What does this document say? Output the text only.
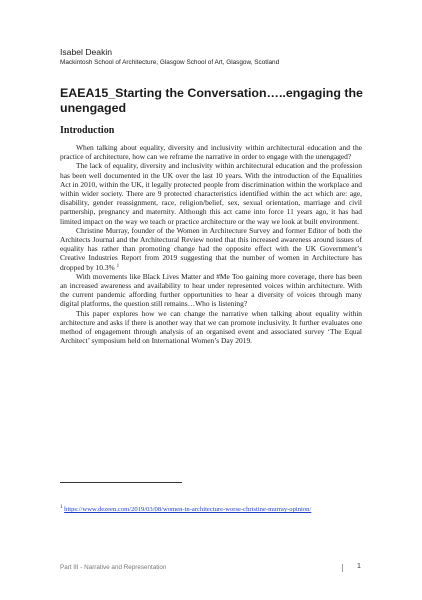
Isabel Deakin
Mackintosh School of Architecture, Glasgow School of Art, Glasgow, Scotland
EAEA15_Starting the Conversation…..engaging the unengaged
Introduction

When talking about equality, diversity and inclusivity within architectural education and the practice of architecture, how can we reframe the narrative in order to engage with the unengaged?

The lack of equality, diversity and inclusivity within architectural education and the profession has been well documented in the UK over the last 10 years. With the introduction of the Equalities Act in 2010, within the UK, it legally protected people from discrimination within the workplace and within wider society. There are 9 protected characteristics identified within the act which are: age, disability, gender reassignment, race, religion/belief, sex, sexual orientation, marriage and civil partnership, pregnancy and maternity. Although this act came into force 11 years ago, it has had limited impact on the way we teach or practice architecture or the way we look at built environment.

Christine Murray, founder of the Women in Architecture Survey and former Editor of both the Architects Journal and the Architectural Review noted that this increased awareness around issues of equality has rather than promoting change had the opposite effect with the UK Government’s Creative Industries Report from 2019 suggesting that the number of women in Architecture has dropped by 10.3% $^1$

With movements like Black Lives Matter and #Me Too gaining more coverage, there has been an increased awareness and availability to hear under represented voices within architecture. With the current pandemic affording further opportunities to hear a diversity of voices through many digital platforms, the question still remains…Who is listening?

This paper explores how we can change the narrative when talking about equality within architecture and asks if there is another way that we can promote inclusivity. It further evaluates one method of engagement through analysis of an organised event and associated survey ‘The Equal Architect’ symposium held on International Women’s Day 2019.

$^1$ https://www.dezeen.com/2019/03/08/women-in-architecture-worse-christine-murray-opinion/
Part III - Narrative and Representation	1
